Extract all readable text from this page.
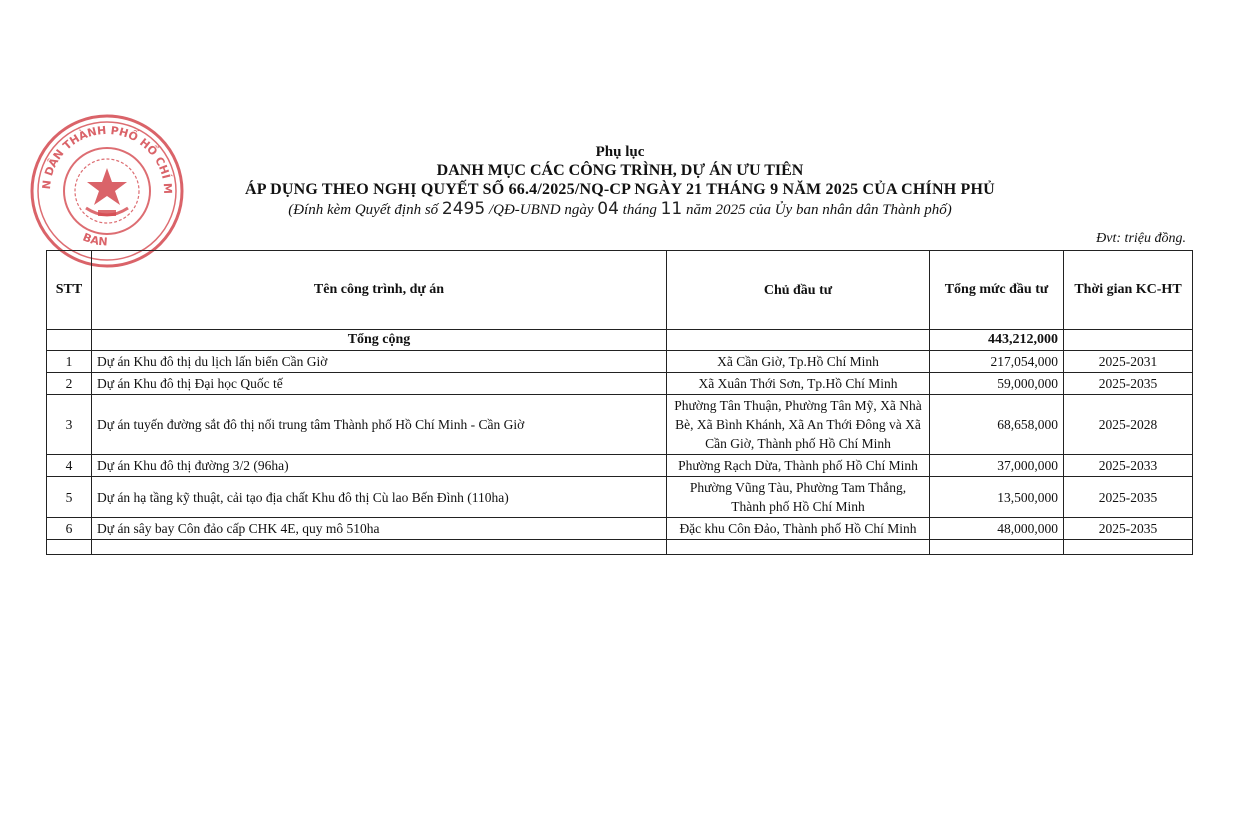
N DÂN THÀNH PHỐ HỒ CHÍ M
BAN
Phụ lục
DANH MỤC CÁC CÔNG TRÌNH, DỰ ÁN ƯU TIÊN
ÁP DỤNG THEO NGHỊ QUYẾT SỐ 66.4/2025/NQ-CP NGÀY 21 THÁNG 9 NĂM 2025 CỦA CHÍNH PHỦ
(Đính kèm Quyết định số 2495 /QĐ-UBND ngày 04 tháng 11 năm 2025 của Ủy ban nhân dân Thành phố)
Đvt: triệu đồng.
STT	Tên công trình, dự án	Chủ đầu tư	Tổng mức đầu tư	Thời gian KC-HT
	Tổng cộng		443,212,000	
1	Dự án Khu đô thị du lịch lấn biển Cần Giờ	Xã Cần Giờ, Tp.Hồ Chí Minh	217,054,000	2025-2031
2	Dự án Khu đô thị Đại học Quốc tế	Xã Xuân Thới Sơn, Tp.Hồ Chí Minh	59,000,000	2025-2035
3	Dự án tuyến đường sắt đô thị nối trung tâm Thành phố Hồ Chí Minh - Cần Giờ	Phường Tân Thuận, Phường Tân Mỹ, Xã Nhà Bè, Xã Bình Khánh, Xã An Thới Đông và Xã Cần Giờ, Thành phố Hồ Chí Minh	68,658,000	2025-2028
4	Dự án Khu đô thị đường 3/2 (96ha)	Phường Rạch Dừa, Thành phố Hồ Chí Minh	37,000,000	2025-2033
5	Dự án hạ tầng kỹ thuật, cải tạo địa chất Khu đô thị Cù lao Bến Đình (110ha)	Phường Vũng Tàu, Phường Tam Thắng, Thành phố Hồ Chí Minh	13,500,000	2025-2035
6	Dự án sây bay Côn đảo cấp CHK 4E, quy mô 510ha	Đặc khu Côn Đảo, Thành phố Hồ Chí Minh	48,000,000	2025-2035
